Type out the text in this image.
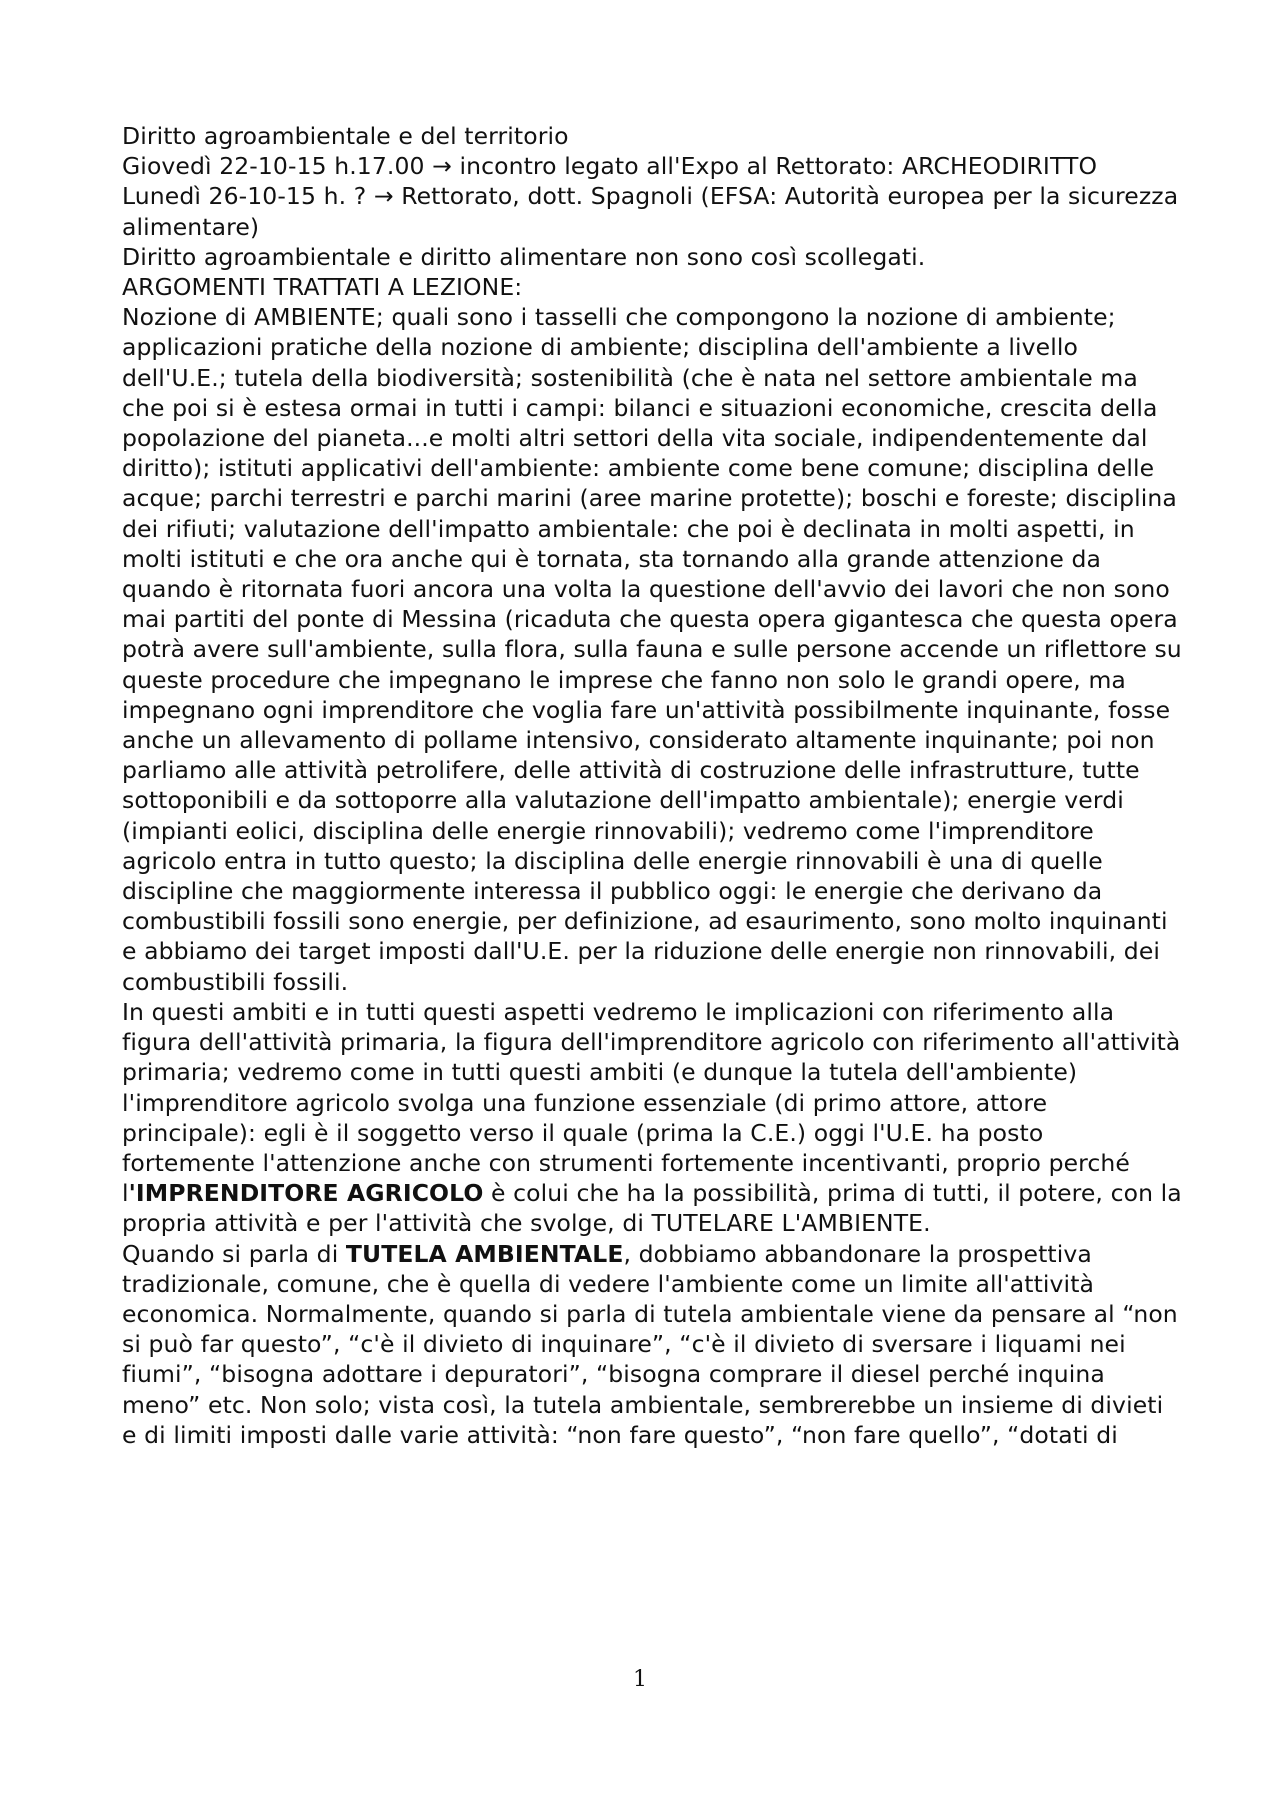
Diritto agroambientale e del territorio

Giovedì 22-10-15 h.17.00 → incontro legato all'Expo al Rettorato: ARCHEODIRITTO

Lunedì 26-10-15 h. ? → Rettorato, dott. Spagnoli (EFSA: Autorità europea per la sicurezza alimentare)

Diritto agroambientale e diritto alimentare non sono così scollegati.

ARGOMENTI TRATTATI A LEZIONE:

Nozione di AMBIENTE; quali sono i tasselli che compongono la nozione di ambiente; applicazioni pratiche della nozione di ambiente; disciplina dell'ambiente a livello dell'U.E.; tutela della biodiversità; sostenibilità (che è nata nel settore ambientale ma che poi si è estesa ormai in tutti i campi: bilanci e situazioni economiche, crescita della popolazione del pianeta...e molti altri settori della vita sociale, indipendentemente dal diritto); istituti applicativi dell'ambiente: ambiente come bene comune; disciplina delle acque; parchi terrestri e parchi marini (aree marine protette); boschi e foreste; disciplina dei rifiuti; valutazione dell'impatto ambientale: che poi è declinata in molti aspetti, in molti istituti e che ora anche qui è tornata, sta tornando alla grande attenzione da quando è ritornata fuori ancora una volta la questione dell'avvio dei lavori che non sono mai partiti del ponte di Messina (ricaduta che questa opera gigantesca che questa opera potrà avere sull'ambiente, sulla flora, sulla fauna e sulle persone accende un riflettore su queste procedure che impegnano le imprese che fanno non solo le grandi opere, ma impegnano ogni imprenditore che voglia fare un'attività possibilmente inquinante, fosse anche un allevamento di pollame intensivo, considerato altamente inquinante; poi non parliamo alle attività petrolifere, delle attività di costruzione delle infrastrutture, tutte sottoponibili e da sottoporre alla valutazione dell'impatto ambientale); energie verdi (impianti eolici, disciplina delle energie rinnovabili); vedremo come l'imprenditore agricolo entra in tutto questo; la disciplina delle energie rinnovabili è una di quelle discipline che maggiormente interessa il pubblico oggi: le energie che derivano da combustibili fossili sono energie, per definizione, ad esaurimento, sono molto inquinanti e abbiamo dei target imposti dall'U.E. per la riduzione delle energie non rinnovabili, dei combustibili fossili.

In questi ambiti e in tutti questi aspetti vedremo le implicazioni con riferimento alla figura dell'attività primaria, la figura dell'imprenditore agricolo con riferimento all'attività primaria; vedremo come in tutti questi ambiti (e dunque la tutela dell'ambiente) l'imprenditore agricolo svolga una funzione essenziale (di primo attore, attore principale): egli è il soggetto verso il quale (prima la C.E.) oggi l'U.E. ha posto fortemente l'attenzione anche con strumenti fortemente incentivanti, proprio perché l'IMPRENDITORE AGRICOLO è colui che ha la possibilità, prima di tutti, il potere, con la propria attività e per l'attività che svolge, di TUTELARE L'AMBIENTE.

Quando si parla di TUTELA AMBIENTALE, dobbiamo abbandonare la prospettiva tradizionale, comune, che è quella di vedere l'ambiente come un limite all'attività economica. Normalmente, quando si parla di tutela ambientale viene da pensare al “non si può far questo”, “c'è il divieto di inquinare”, “c'è il divieto di sversare i liquami nei fiumi”, “bisogna adottare i depuratori”, “bisogna comprare il diesel perché inquina meno” etc. Non solo; vista così, la tutela ambientale, sembrerebbe un insieme di divieti e di limiti imposti dalle varie attività: “non fare questo”, “non fare quello”, “dotati di

1
